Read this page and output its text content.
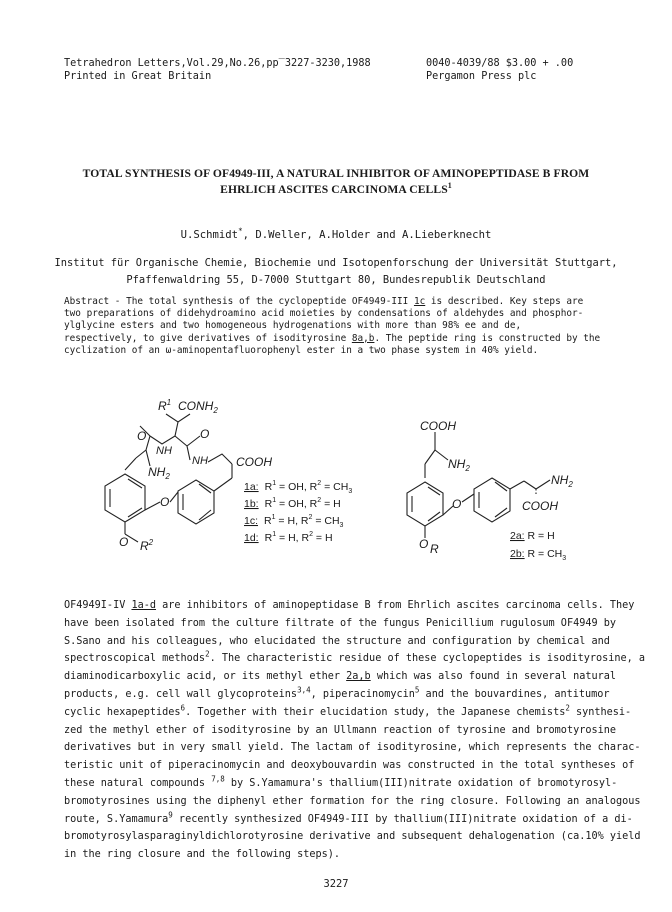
Tetrahedron Letters,Vol.29,No.26,pp‾3227-3230,1988
Printed in Great Britain
0040-4039/88 $3.00 + .00
Pergamon Press plc
TOTAL SYNTHESIS OF OF4949-III, A NATURAL INHIBITOR OF AMINOPEPTIDASE B FROM
EHRLICH ASCITES CARCINOMA CELLS$^1$
U.Schmidt*, D.Weller, A.Holder and A.Lieberknecht
Institut für Organische Chemie, Biochemie und Isotopenforschung der Universität Stuttgart,
Pfaffenwaldring 55, D-7000 Stuttgart 80, Bundesrepublik Deutschland
Abstract - The total synthesis of the cyclopeptide OF4949-III 1c is described. Key steps are
two preparations of didehydroamino acid moieties by condensations of aldehydes and phosphor-
ylglycine esters and two homogeneous hydrogenations with more than 98% ee and de,
respectively, to give derivatives of isodityrosine 8a,b. The peptide ring is constructed by the
cyclization of an ω-aminopentafluorophenyl ester in a two phase system in 40% yield.
$R^1$ $CONH_2$
O	O
NH
NH COOH
$NH_2$
O
O $R^2$
COOH
$NH_2$
$NH_2$
COOH
O
O R
1a: $R^1$ = OH, $R^2 = CH_3$
1b: $R^1$ = OH, $R^2 = H$
1c: $R^1 = H$, $R^2 = CH_3$
1d: $R^1 = H$, $R^2 = H$	2a: R = H
2b: $R = CH_3$
OF4949I-IV 1a-d are inhibitors of aminopeptidase B from Ehrlich ascites carcinoma cells. They
have been isolated from the culture filtrate of the fungus Penicillium rugulosum OF4949 by
S.Sano and his colleagues, who elucidated the structure and configuration by chemical and
spectroscopical methods$^2$. The characteristic residue of these cyclopeptides is isodityrosine, a
diaminodicarboxylic acid, or its methyl ether 2a,b which was also found in several natural
products, e.g. cell wall glycoproteins$^{3,4}$, piperacinomycin$^5$ and the bouvardines, antitumor
cyclic hexapeptides$^6$. Together with their elucidation study, the Japanese chemists$^2$ synthesi-
zed the methyl ether of isodityrosine by an Ullmann reaction of tyrosine and bromotyrosine
derivatives but in very small yield. The lactam of isodityrosine, which represents the charac-
teristic unit of piperacinomycin and deoxybouvardin was constructed in the total syntheses of
these natural compounds $^{7,8}$ by S.Yamamura's thallium(III)nitrate oxidation of bromotyrosyl-
bromotyrosines using the diphenyl ether formation for the ring closure. Following an analogous
route, S.Yamamura$^9$ recently synthesized OF4949-III by thallium(III)nitrate oxidation of a di-
bromotyrosylasparaginyldichlorotyrosine derivative and subsequent dehalogenation (ca.10% yield
in the ring closure and the following steps).
3227
